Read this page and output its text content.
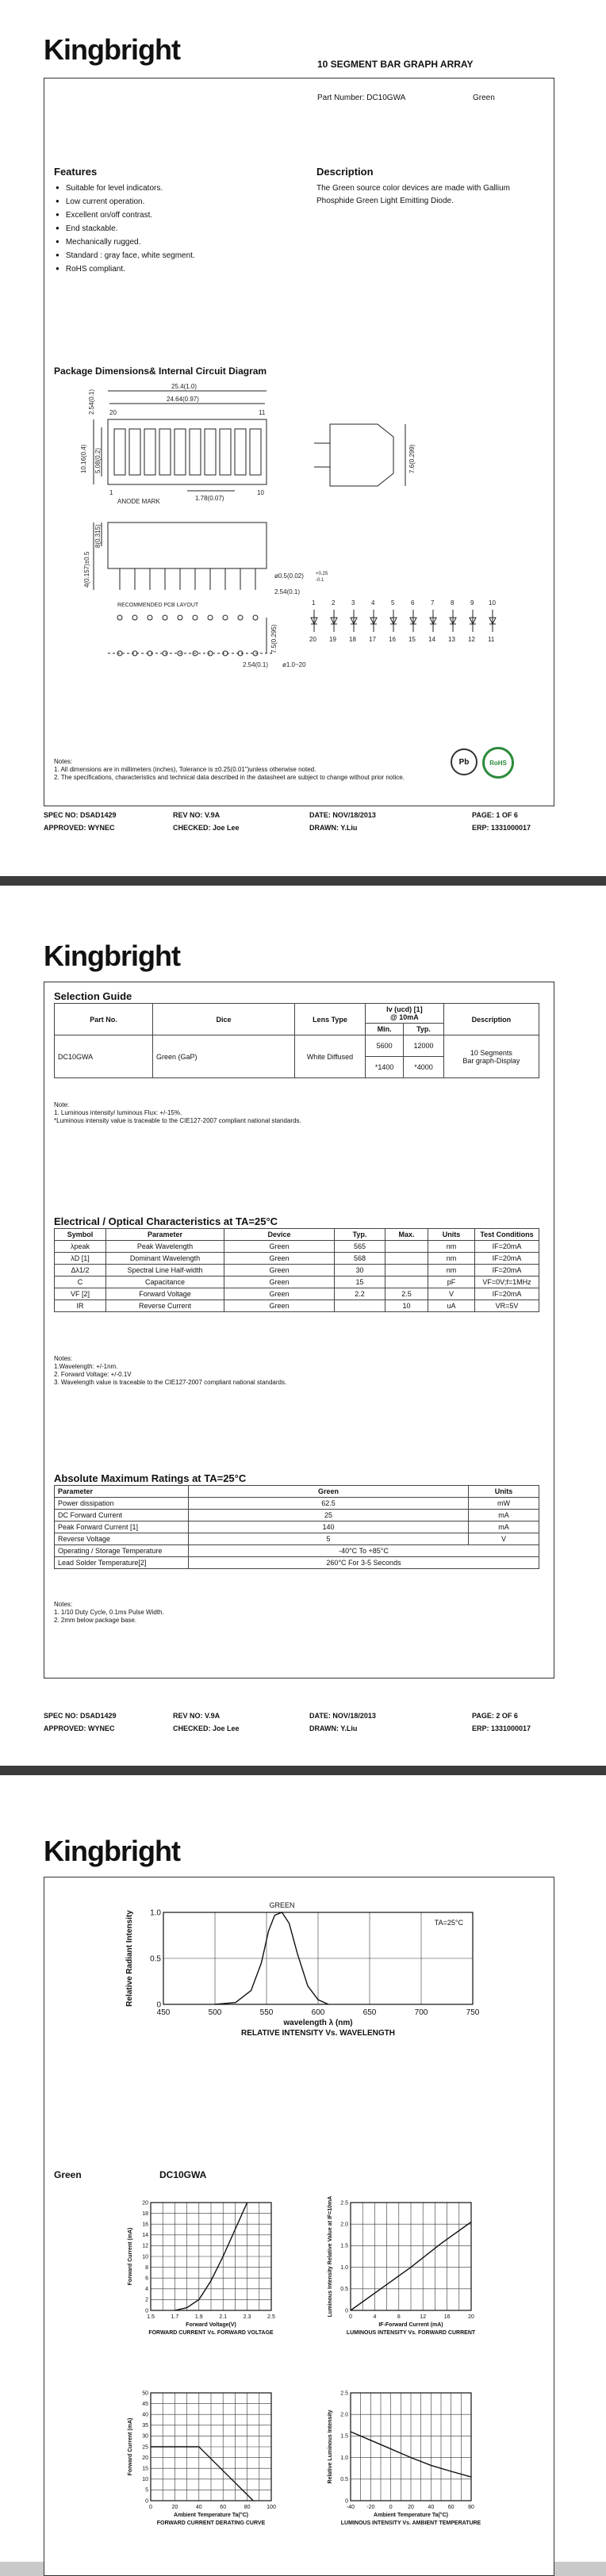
Kingbright	10 SEGMENT BAR GRAPH ARRAY
Part Number: DC10GWA	Green
Features
● Suitable for level indicators.
● Low current operation.
● Excellent on/off contrast.
● End stackable.
● Mechanically rugged.
● Standard : gray face, white segment.
● RoHS compliant.
Description
The Green source color devices are made with Gallium
Phosphide Green Light Emitting Diode.
Package Dimensions& Internal Circuit Diagram
25.4(1.0)
24.64(0.97)
20	11
1	10
ANODE MARK	1.78(0.07)
10.16(0.4)
2.54(0.1)
5.08(0.2)	7.6(0.299)
8(0.315)
4(0.157)±0.5	ø0.5(0.02)	+0.25
-0.1
2.54(0.1)
RECOMMENDED PCB LAYOUT
7.5(0.295)
2.54(0.1) ø1.0~20
1	2	3	4	5	6	7	8	9 10
20 19 18 17 16 15 14 13 12 11
Pb	RoHS
Notes:
1. All dimensions are in millimeters (inches), Tolerance is ±0.25(0.01")unless otherwise noted.
2. The specifications, characteristics and technical data described in the datasheet are subject to change without prior notice.
SPEC NO: DSAD1429	REV NO: V.9A	DATE: NOV/18/2013	PAGE: 1 OF 6
APPROVED: WYNEC	CHECKED: Joe Lee	DRAWN: Y.Liu	ERP: 1331000017
Kingbright
Selection Guide
Part No.	Dice	Lens Type	Iv (ucd) [1]
@ 10mA		Description
			Min.	Typ.	
DC10GWA	Green (GaP)	White Diffused	5600	12000	10 Segments
Bar graph-Display
			*1400	*4000	
Note:
1. Luminous intensity/ luminous Flux: +/-15%.
*Luminous intensity value is traceable to the CIE127-2007 compliant national standards.
Electrical / Optical Characteristics at TA=25°C
Symbol	Parameter	Device	Typ.	Max.	Units	Test Conditions
λpeak	Peak Wavelength	Green	565		nm	IF=20mA
λD [1]	Dominant Wavelength	Green	568		nm	IF=20mA
Δλ1/2	Spectral Line Half-width	Green	30		nm	IF=20mA
C	Capacitance	Green	15		pF	VF=0V;f=1MHz
VF [2]	Forward Voltage	Green	2.2	2.5	V	IF=20mA
IR	Reverse Current	Green		10	uA	VR=5V
Notes:
1.Wavelength: +/-1nm.
2. Forward Voltage: +/-0.1V
3. Wavelength value is traceable to the CIE127-2007 compliant national standards.
Absolute Maximum Ratings at TA=25°C
Parameter	Green	Units
Power dissipation	62.5	mW
DC Forward Current	25	mA
Peak Forward Current [1]	140	mA
Reverse Voltage	5	V
Operating / Storage Temperature	-40°C To +85°C	
Lead Solder Temperature[2]	260°C For 3-5 Seconds	
Notes:
1. 1/10 Duty Cycle, 0.1ms Pulse Width.
2. 2mm below package base.
SPEC NO: DSAD1429	REV NO: V.9A	DATE: NOV/18/2013	PAGE: 2 OF 6
APPROVED: WYNEC	CHECKED: Joe Lee	DRAWN: Y.Liu	ERP: 1331000017
Kingbright
450	500	550	600	650	700	750
0
0.5
1.0
wavelength λ (nm)
Relative Radiant Intensity
RELATIVE INTENSITY Vs. WAVELENGTH
GREEN
TA=25°C
Green	DC10GWA
1.5	1.7	1.9	2.1	2.3	2.5
0
2
4
6
8
10
12
14
16
18
20
Forward Voltage(V)
Forward Current (mA)
FORWARD CURRENT Vs. FORWARD VOLTAGE
0	4	8	12	16	20
0
0.5
1.0
1.5
2.0
2.5
IF-Forward Current (mA)
Luminous Intensity Relative Value at IF=10mA
LUMINOUS INTENSITY Vs. FORWARD CURRENT
0	20	40	60	80	100
0
5
10
15
20
25
30
35
40
45
50
Ambient Temperature Ta(°C)
Forward Current (mA)
FORWARD CURRENT DERATING CURVE
-40 -20	0	20	40	60	80
0
0.5
1.0
1.5
2.0
2.5
Ambient Temperature Ta(°C)
Relative Luminous Intensity
LUMINOUS INTENSITY Vs. AMBIENT TEMPERATURE
